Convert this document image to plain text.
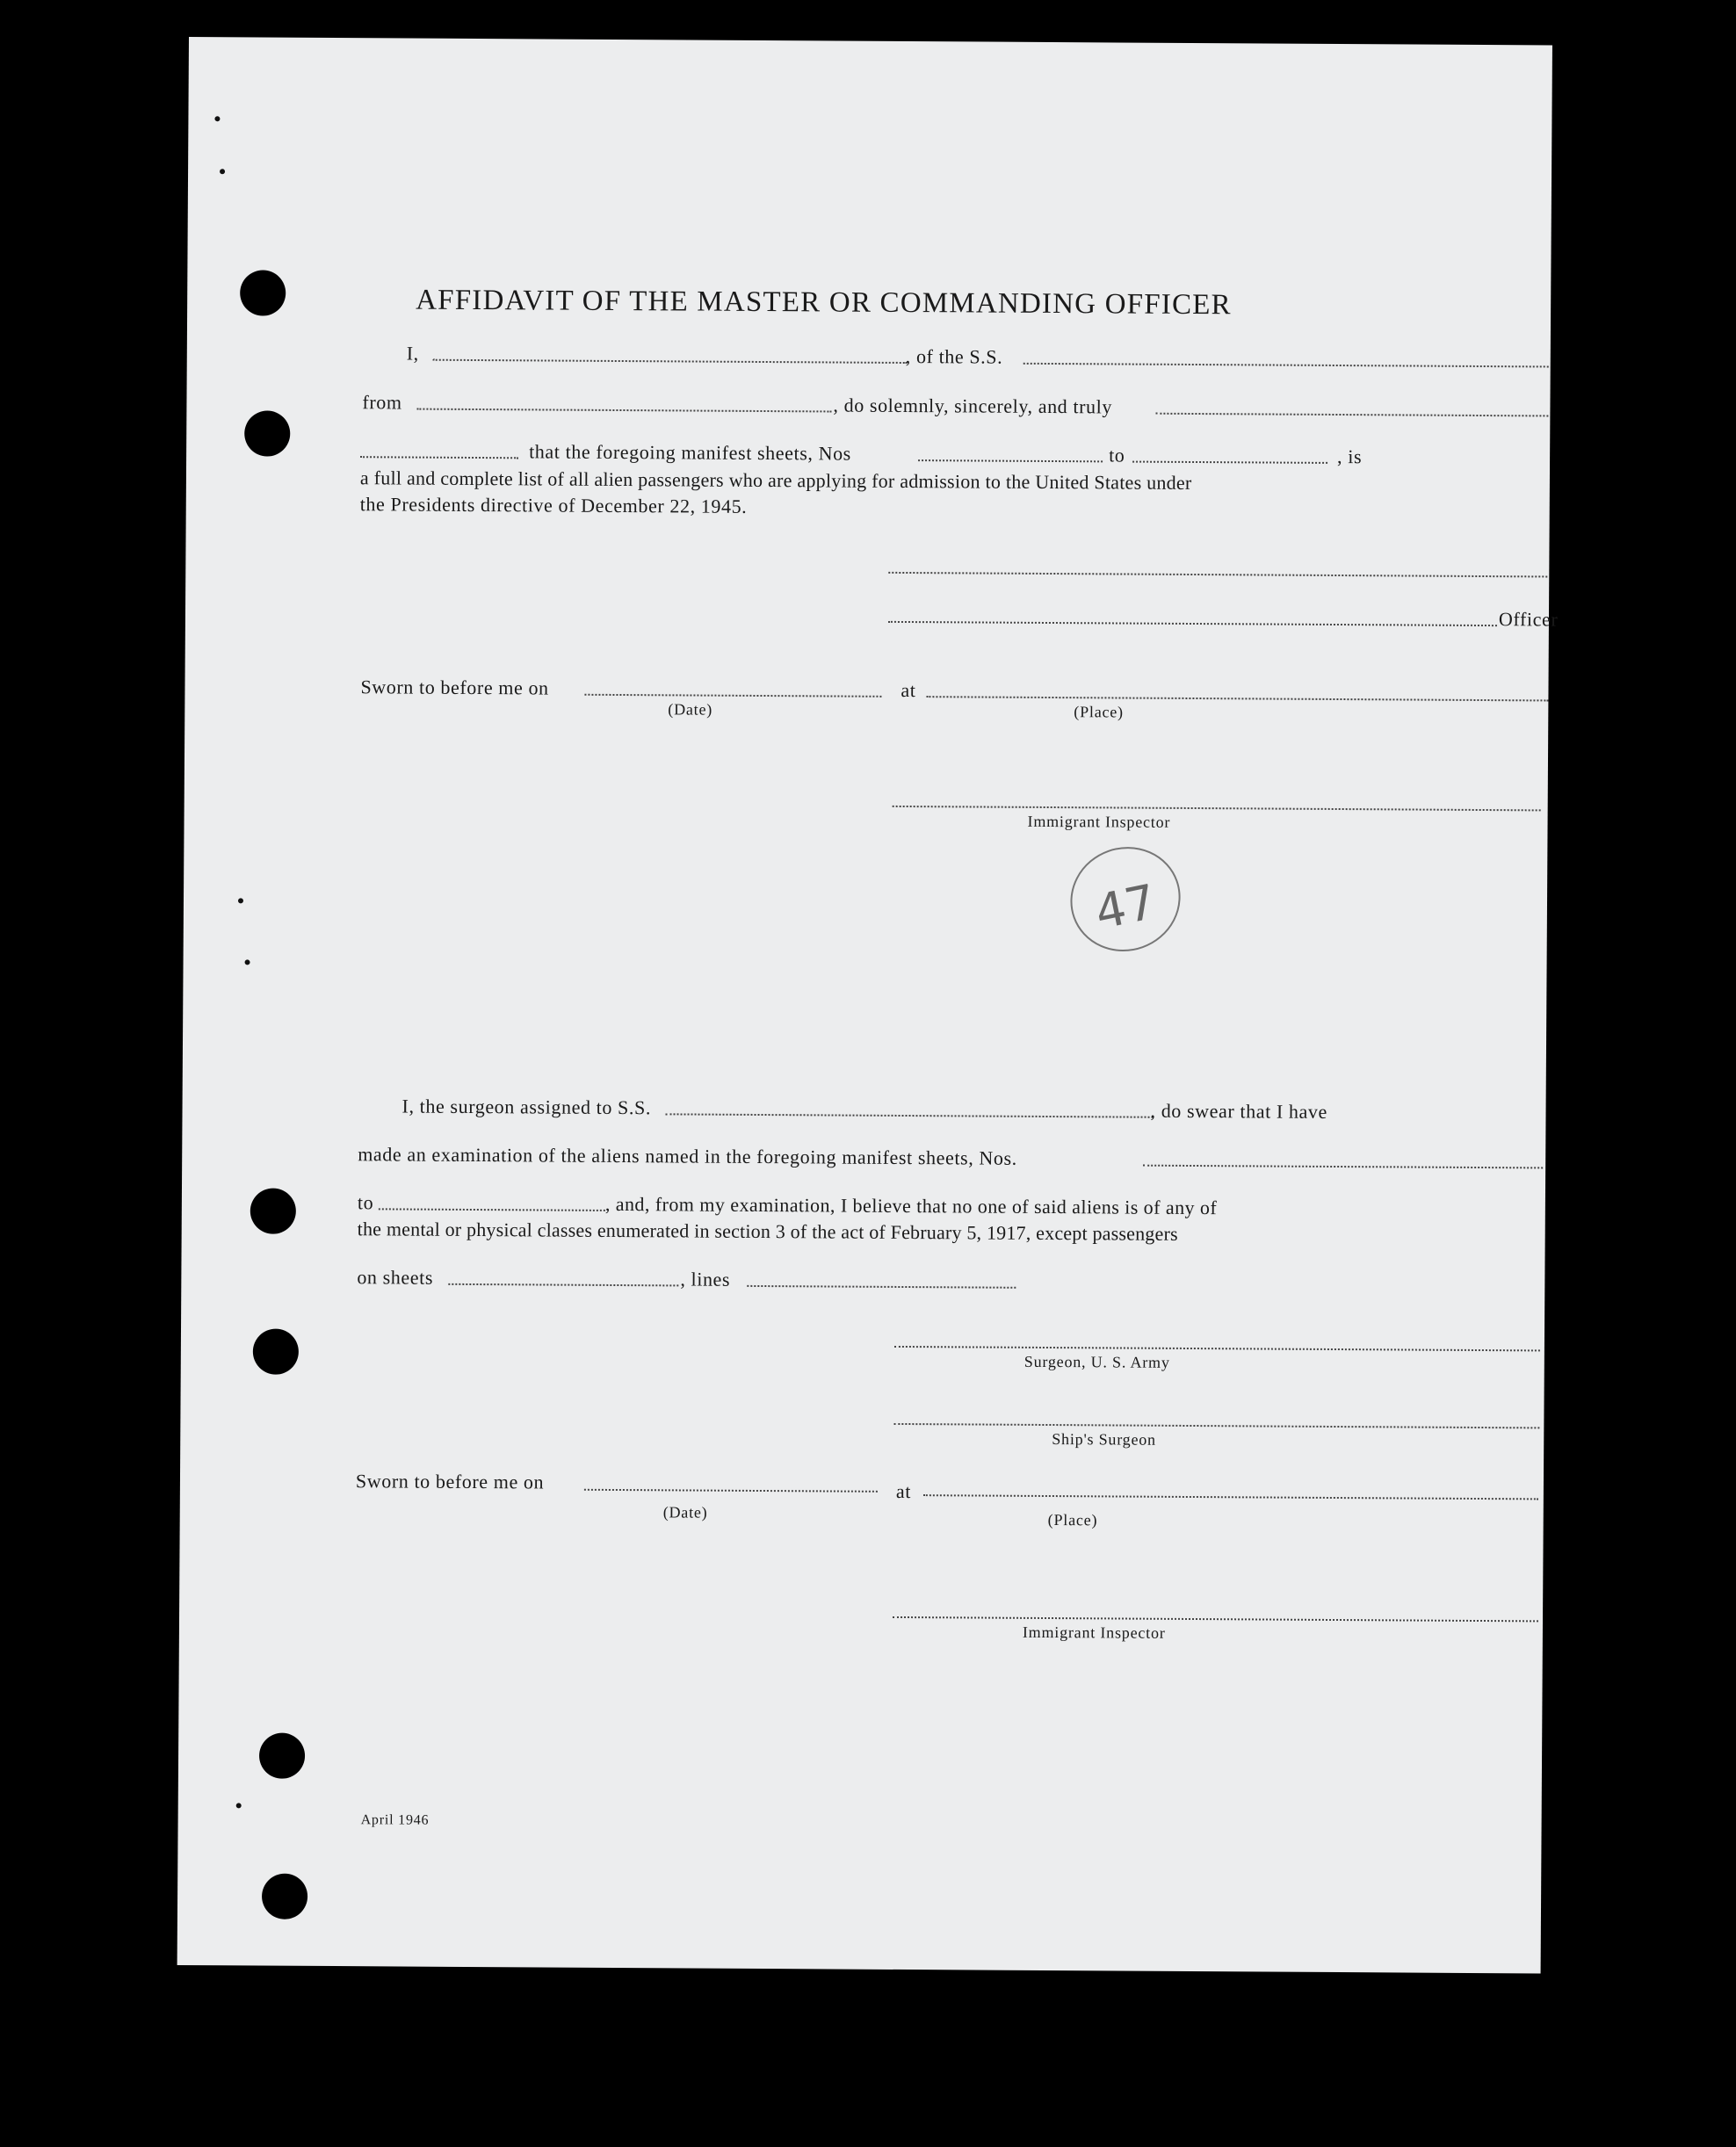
AFFIDAVIT OF THE MASTER OR COMMANDING OFFICER
I,	, of the S.S.
from	, do solemnly, sincerely, and truly
that the foregoing manifest sheets, Nos	to	, is
a full and complete list of all alien passengers who are applying for admission to the United States under
the Presidents directive of December 22, 1945.
Officer
Sworn to before me on	at
(Date)	(Place)
Immigrant Inspector
47
I, the surgeon assigned to S.S.	, do swear that I have
made an examination of the aliens named in the foregoing manifest sheets, Nos.
to	, and, from my examination, I believe that no one of said aliens is of any of
the mental or physical classes enumerated in section 3 of the act of February 5, 1917, except passengers
on sheets	, lines
Surgeon, U. S. Army
Ship's Surgeon
Sworn to before me on	at
(Date)	(Place)
Immigrant Inspector
April 1946
